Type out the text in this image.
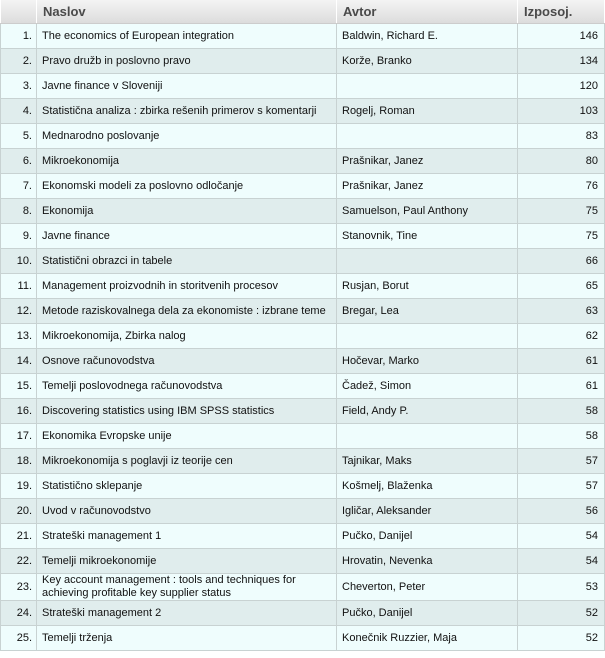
	Naslov	Avtor	Izposoj.
1.	The economics of European integration	Baldwin, Richard E.	146
2.	Pravo družb in poslovno pravo	Korže, Branko	134
3.	Javne finance v Sloveniji		120
4.	Statistična analiza : zbirka rešenih primerov s komentarji	Rogelj, Roman	103
5.	Mednarodno poslovanje		83
6.	Mikroekonomija	Prašnikar, Janez	80
7.	Ekonomski modeli za poslovno odločanje	Prašnikar, Janez	76
8.	Ekonomija	Samuelson, Paul Anthony	75
9.	Javne finance	Stanovnik, Tine	75
10.	Statistični obrazci in tabele		66
11.	Management proizvodnih in storitvenih procesov	Rusjan, Borut	65
12.	Metode raziskovalnega dela za ekonomiste : izbrane teme	Bregar, Lea	63
13.	Mikroekonomija, Zbirka nalog		62
14.	Osnove računovodstva	Hočevar, Marko	61
15.	Temelji poslovodnega računovodstva	Čadež, Simon	61
16.	Discovering statistics using IBM SPSS statistics	Field, Andy P.	58
17.	Ekonomika Evropske unije		58
18.	Mikroekonomija s poglavji iz teorije cen	Tajnikar, Maks	57
19.	Statistično sklepanje	Košmelj, Blaženka	57
20.	Uvod v računovodstvo	Igličar, Aleksander	56
21.	Strateški management 1	Pučko, Danijel	54
22.	Temelji mikroekonomije	Hrovatin, Nevenka	54
23.	Key account management : tools and techniques for achieving profitable key supplier status	Cheverton, Peter	53
24.	Strateški management 2	Pučko, Danijel	52
25.	Temelji trženja	Konečnik Ruzzier, Maja	52
